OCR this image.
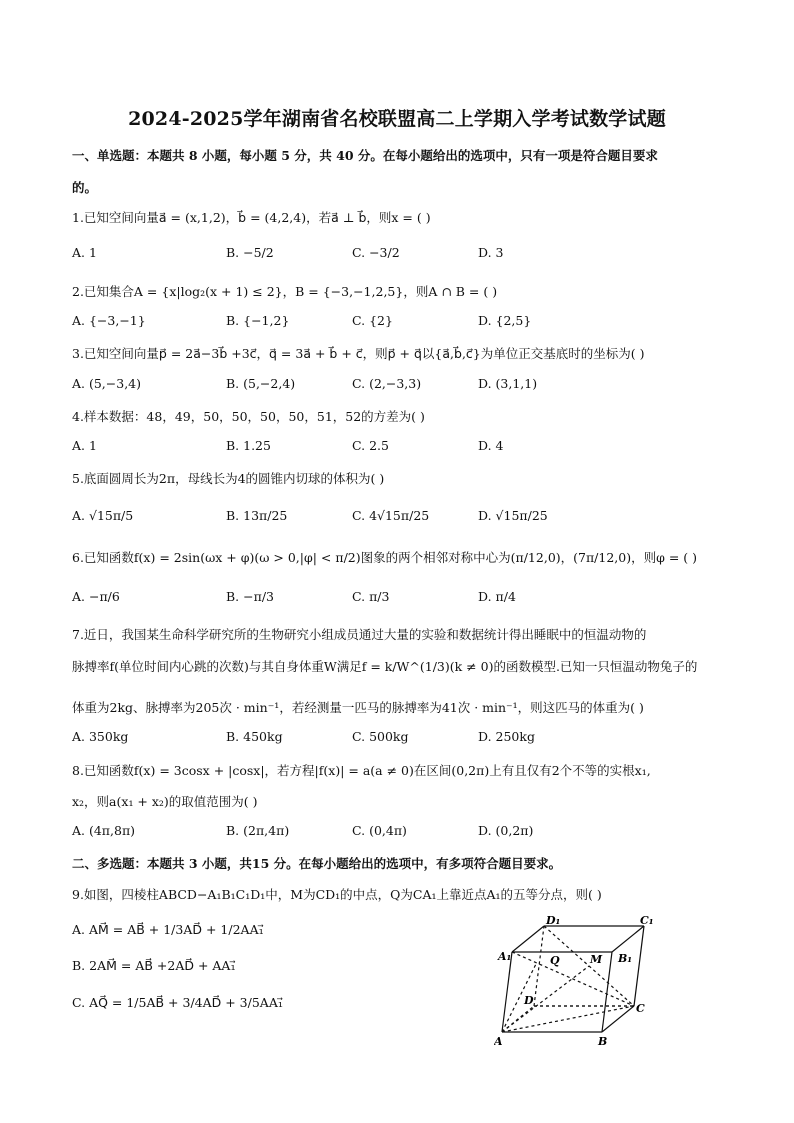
2024-2025学年湖南省名校联盟高二上学期入学考试数学试题
一、单选题：本题共 8 小题，每小题 5 分，共 40 分。在每小题给出的选项中，只有一项是符合题目要求
的。
1.已知空间向量a⃗ = (x,1,2)，b⃗ = (4,2,4)，若a⃗ ⊥ b⃗，则x = ( )
A. 1	B. −5/2	C. −3/2	D. 3
2.已知集合A = {x|log₂(x + 1) ≤ 2}，B = {−3,−1,2,5}，则A ∩ B = ( )
A. {−3,−1}	B. {−1,2}	C. {2}	D. {2,5}
3.已知空间向量p⃗ = 2a⃗−3b⃗ +3c⃗，q⃗ = 3a⃗ + b⃗ + c⃗，则p⃗ + q⃗以{a⃗,b⃗,c⃗}为单位正交基底时的坐标为( )
A. (5,−3,4)	B. (5,−2,4)	C. (2,−3,3)	D. (3,1,1)
4.样本数据：48，49，50，50，50，50，51，52的方差为( )
A. 1	B. 1.25	C. 2.5	D. 4
5.底面圆周长为2π，母线长为4的圆锥内切球的体积为( )
A. √15π/5	B. 13π/25	C. 4√15π/25	D. √15π/25
6.已知函数f(x) = 2sin(ωx + φ)(ω > 0,|φ| < π/2)图象的两个相邻对称中心为(π/12,0)，(7π/12,0)，则φ = ( )
A. −π/6	B. −π/3	C. π/3	D. π/4
7.近日，我国某生命科学研究所的生物研究小组成员通过大量的实验和数据统计得出睡眠中的恒温动物的
脉搏率f(单位时间内心跳的次数)与其自身体重W满足f = k/W^(1/3)(k ≠ 0)的函数模型.已知一只恒温动物兔子的
体重为2kg、脉搏率为205次 · min⁻¹，若经测量一匹马的脉搏率为41次 · min⁻¹，则这匹马的体重为( )
A. 350kg	B. 450kg	C. 500kg	D. 250kg
8.已知函数f(x) = 3cosx + |cosx|，若方程|f(x)| = a(a ≠ 0)在区间(0,2π)上有且仅有2个不等的实根x₁,
x₂，则a(x₁ + x₂)的取值范围为( )
A. (4π,8π)	B. (2π,4π)	C. (0,4π)	D. (0,2π)
二、多选题：本题共 3 小题，共15 分。在每小题给出的选项中，有多项符合题目要求。
9.如图，四棱柱ABCD−A₁B₁C₁D₁中，M为CD₁的中点，Q为CA₁上靠近点A₁的五等分点，则( )
A. AM⃗ = AB⃗ + 1/3AD⃗ + 1/2AA₁⃗
B. 2AM⃗ = AB⃗ +2AD⃗ + AA₁⃗
C. AQ⃗ = 1/5AB⃗ + 3/4AD⃗ + 3/5AA₁⃗
A	B
C
D
A₁	B₁
C₁
D₁
M
Q
